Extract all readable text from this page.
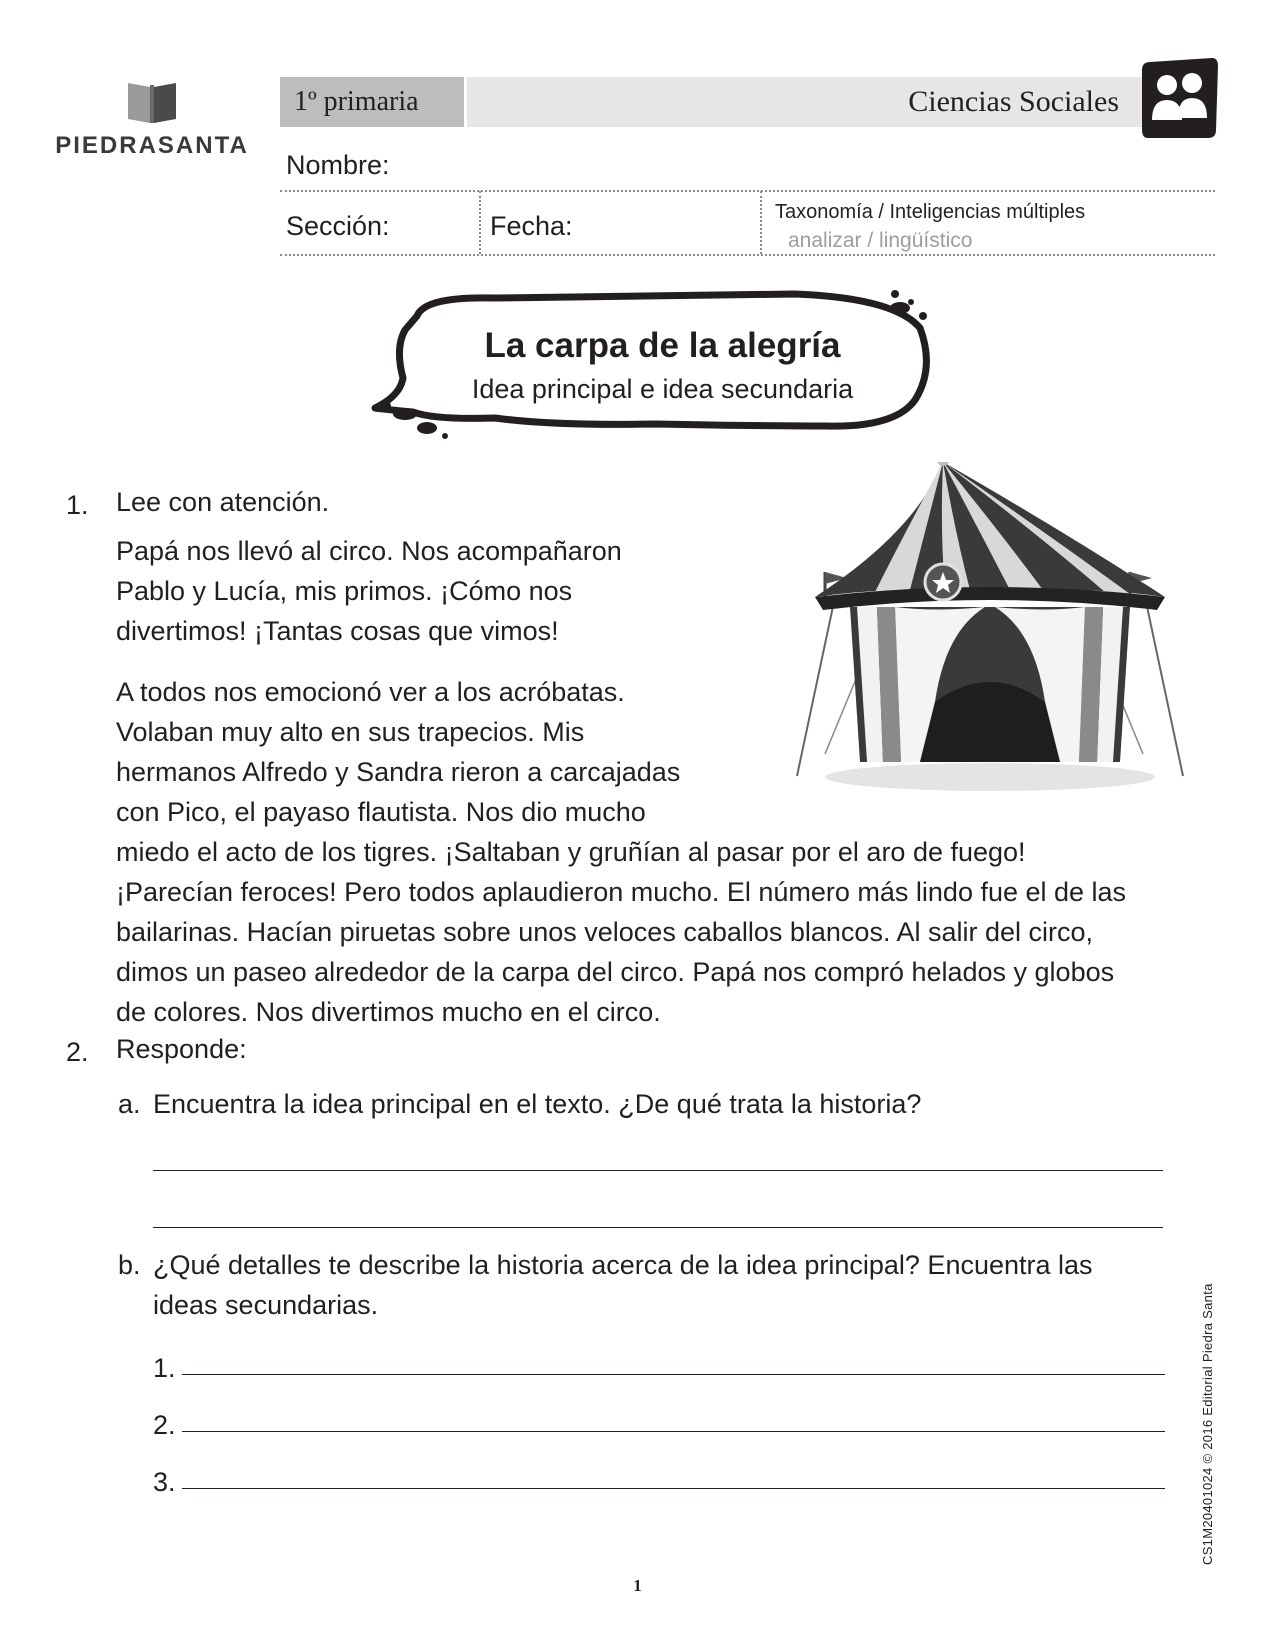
PIEDRASANTA
1º primaria	Ciencias Sociales
Nombre:
Sección:	Fecha:	Taxonomía / Inteligencias múltiples
analizar / lingüístico
La carpa de la alegría
Idea principal e idea secundaria
1. Lee con atención.
Papá nos llevó al circo. Nos acompañaron
Pablo y Lucía, mis primos. ¡Cómo nos
divertimos! ¡Tantas cosas que vimos!
A todos nos emocionó ver a los acróbatas.
Volaban muy alto en sus trapecios. Mis
hermanos Alfredo y Sandra rieron a carcajadas
con Pico, el payaso flautista. Nos dio mucho
miedo el acto de los tigres. ¡Saltaban y gruñían al pasar por el aro de fuego!
¡Parecían feroces! Pero todos aplaudieron mucho. El número más lindo fue el de las
bailarinas. Hacían piruetas sobre unos veloces caballos blancos. Al salir del circo,
dimos un paseo alrededor de la carpa del circo. Papá nos compró helados y globos
de colores. Nos divertimos mucho en el circo.
2. Responde:
a. Encuentra la idea principal en el texto. ¿De qué trata la historia?
b. ¿Qué detalles te describe la historia acerca de la idea principal? Encuentra las
ideas secundarias.
1.
2.
3.	CS1M20401024 © 2016 Editorial Piedra Santa
1
